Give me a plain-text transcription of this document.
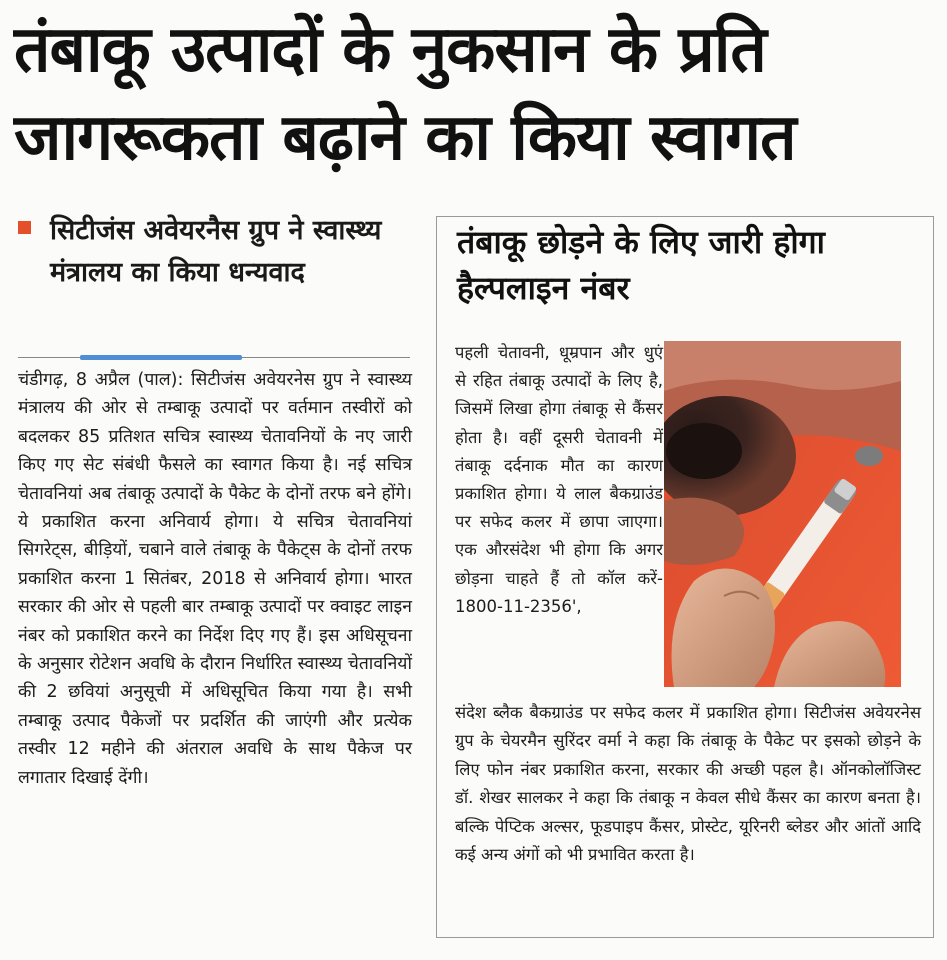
तंबाकू उत्पादों के नुकसान के प्रति जागरूकता बढ़ाने का किया स्वागत

सिटीजंस अवेयरनैस ग्रुप ने स्वास्थ्य मंत्रालय का किया धन्यवाद

चंडीगढ़, 8 अप्रैल (पाल): सिटीजंस अवेयरनेस ग्रुप ने स्वास्थ्य मंत्रालय की ओर से तम्बाकू उत्पादों पर वर्तमान तस्वीरों को बदलकर 85 प्रतिशत सचित्र स्वास्थ्य चेतावनियों के नए जारी किए गए सेट संबंधी फैसले का स्वागत किया है। नई सचित्र चेतावनियां अब तंबाकू उत्पादों के पैकेट के दोनों तरफ बने होंगे। ये प्रकाशित करना अनिवार्य होगा। ये सचित्र चेतावनियां सिगरेट्स, बीड़ियों, चबाने वाले तंबाकू के पैकेट्स के दोनों तरफ प्रकाशित करना 1 सितंबर, 2018 से अनिवार्य होगा। भारत सरकार की ओर से पहली बार तम्बाकू उत्पादों पर क्वाइट लाइन नंबर को प्रकाशित करने का निर्देश दिए गए हैं। इस अधिसूचना के अनुसार रोटेशन अवधि के दौरान निर्धारित स्वास्थ्य चेतावनियों की 2 छवियां अनुसूची में अधिसूचित किया गया है। सभी तम्बाकू उत्पाद पैकेजों पर प्रदर्शित की जाएंगी और प्रत्येक तस्वीर 12 महीने की अंतराल अवधि के साथ पैकेज पर लगातार दिखाई देंगी।

तंबाकू छोड़ने के लिए जारी होगा हैल्पलाइन नंबर

पहली चेतावनी, धूम्रपान और धुएं से रहित तंबाकू उत्पादों के लिए है, जिसमें लिखा होगा तंबाकू से कैंसर होता है। वहीं दूसरी चेतावनी में तंबाकू दर्दनाक मौत का कारण प्रकाशित होगा। ये लाल बैकग्राउंड पर सफेद कलर में छापा जाएगा। एक औरसंदेश भी होगा कि अगर छोड़ना चाहते हैं तो कॉल करें- 1800-11-2356',

संदेश ब्लैक बैकग्राउंड पर सफेद कलर में प्रकाशित होगा। सिटीजंस अवेयरनेस ग्रुप के चेयरमैन सुरिंदर वर्मा ने कहा कि तंबाकू के पैकेट पर इसको छोड़ने के लिए फोन नंबर प्रकाशित करना, सरकार की अच्छी पहल है। ऑनकोलॉजिस्ट डॉ. शेखर सालकर ने कहा कि तंबाकू न केवल सीधे कैंसर का कारण बनता है। बल्कि पेप्टिक अल्सर, फूडपाइप कैंसर, प्रोस्टेट, यूरिनरी ब्लेडर और आंतों आदि कई अन्य अंगों को भी प्रभावित करता है।
